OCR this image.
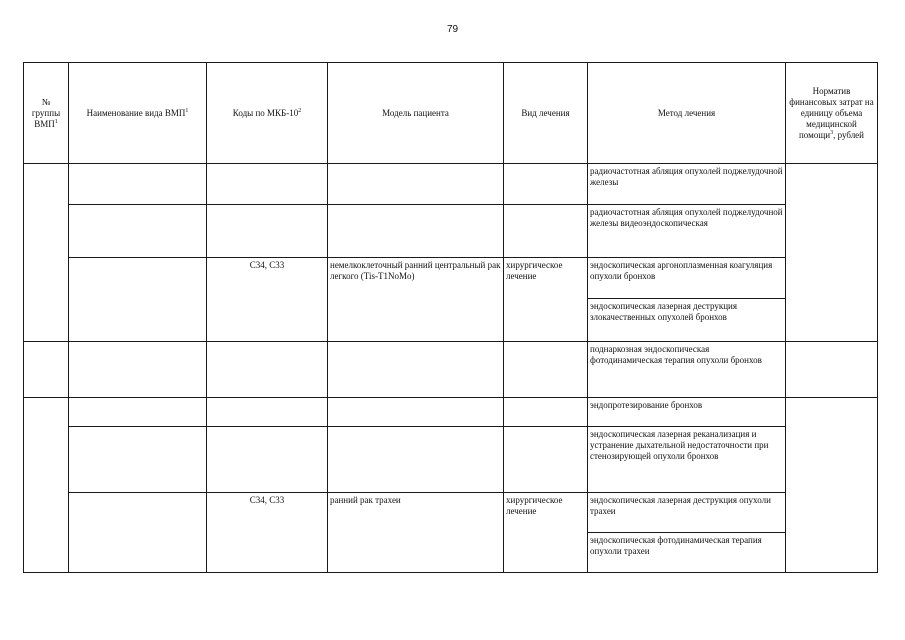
79
№ группы ВМП$^1$	Наименование вида ВМП$^1$	Коды по МКБ-$10^2$	Модель пациента	Вид лечения	Метод лечения	Норматив финансовых затрат на единицу объема медицинской помощи$^3$, рублей
					радиочастотная абляция опухолей поджелудочной железы	
					радиочастотная абляция опухолей поджелудочной железы видеоэндоскопическая	
		С34, С33	немелкоклеточный ранний центральный рак легкого (Tis-T1NoMo)	хирургическое лечение	эндоскопическая аргоноплазменная коагуляция опухоли бронхов	
					эндоскопическая лазерная деструкция злокачественных опухолей бронхов	
					поднаркозная эндоскопическая фотодинамическая терапия опухоли бронхов	
					эндопротезирование бронхов	
					эндоскопическая лазерная реканализация и устранение дыхательной недостаточности при стенозирующей опухоли бронхов	
		С34, С33	ранний рак трахеи	хирургическое лечение	эндоскопическая лазерная деструкция опухоли трахеи	
					эндоскопическая фотодинамическая терапия опухоли трахеи	
